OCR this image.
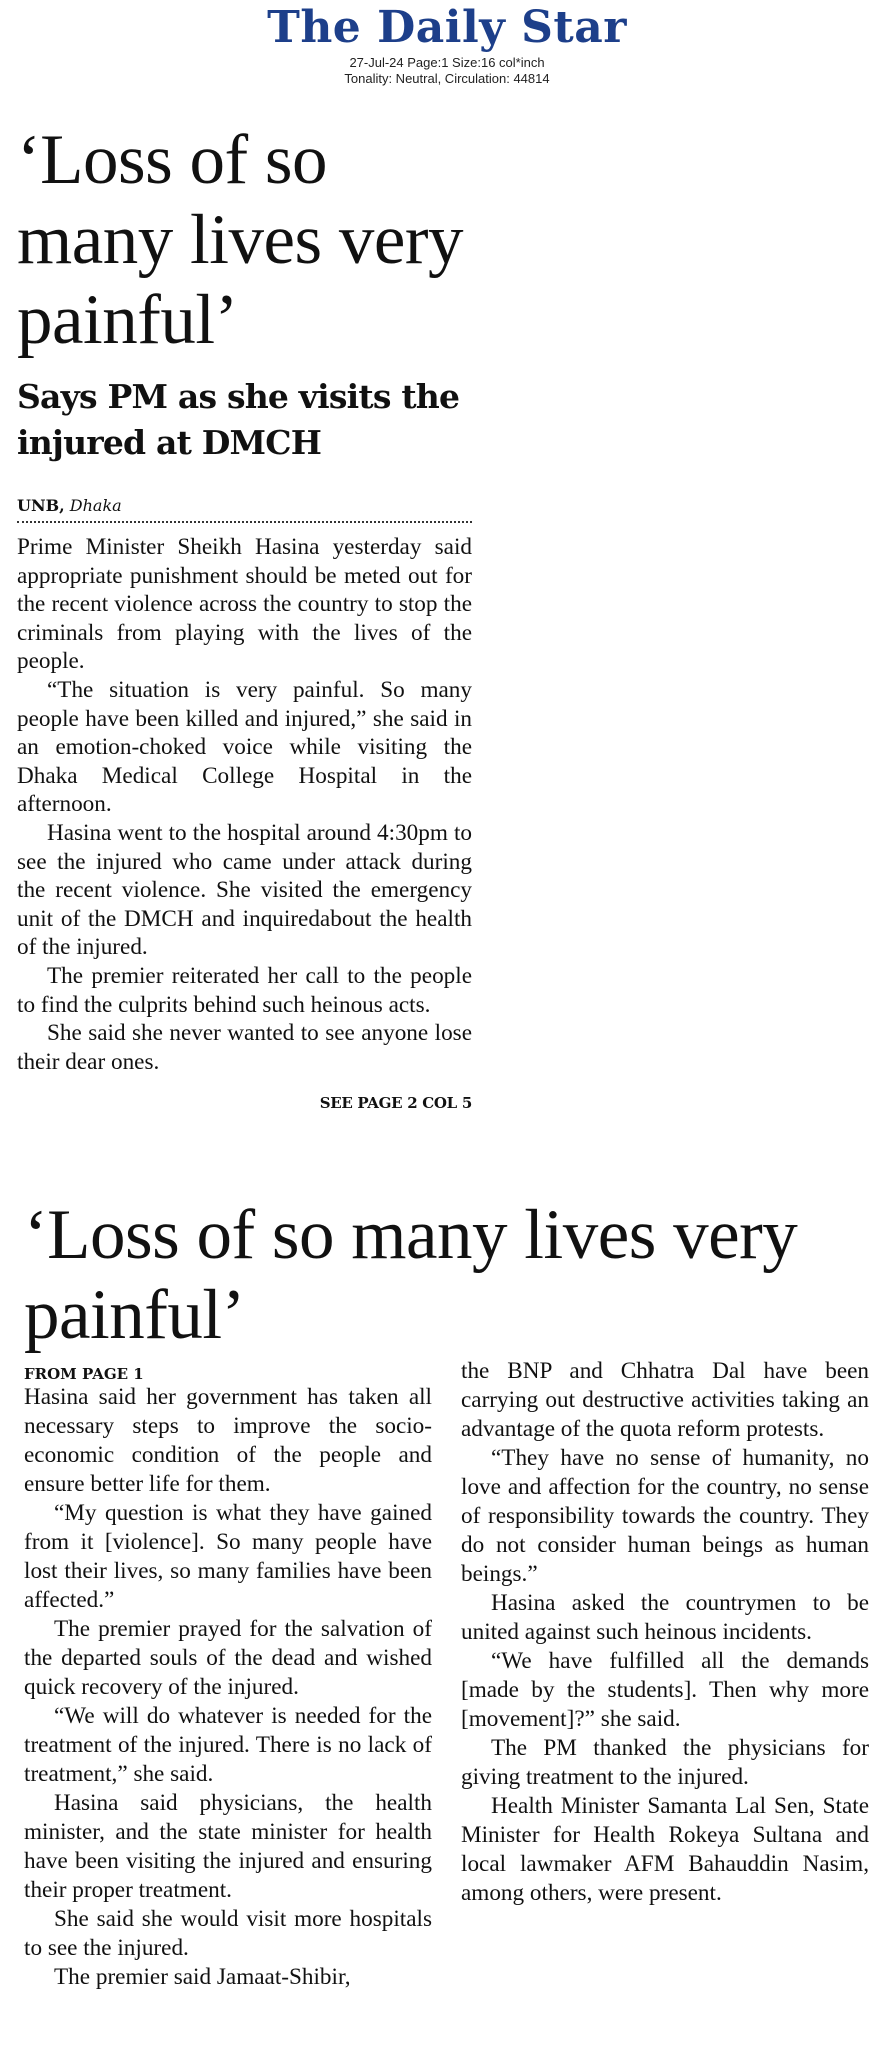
The Daily Star
27-Jul-24 Page:1 Size:16 col*inch
Tonality: Neutral, Circulation: 44814
‘Loss of so many lives very painful’
Says PM as she visits the injured at DMCH
UNB, Dhaka

Prime Minister Sheikh Hasina yesterday said appropriate punishment should be meted out for the recent violence across the country to stop the criminals from playing with the lives of the people.

“The situation is very painful. So many people have been killed and injured,” she said in an emotion-choked voice while visiting the Dhaka Medical College Hospital in the afternoon.

Hasina went to the hospital around 4:30pm to see the injured who came under attack during the recent violence. She visited the emergency unit of the DMCH and inquiredabout the health of the injured.

The premier reiterated her call to the people to find the culprits behind such heinous acts.

She said she never wanted to see anyone lose their dear ones.

SEE PAGE 2 COL 5
‘Loss of so many lives very painful’
FROM PAGE 1

Hasina said her government has taken all necessary steps to improve the socio-economic condition of the people and ensure better life for them.

“My question is what they have gained from it [violence]. So many people have lost their lives, so many families have been affected.”

The premier prayed for the salvation of the departed souls of the dead and wished quick recovery of the injured.

“We will do whatever is needed for the treatment of the injured. There is no lack of treatment,” she said.

Hasina said physicians, the health minister, and the state minister for health have been visiting the injured and ensuring their proper treatment.

She said she would visit more hospitals to see the injured.

The premier said Jamaat-Shibir,

the BNP and Chhatra Dal have been carrying out destructive activities taking an advantage of the quota reform protests.

“They have no sense of humanity, no love and affection for the country, no sense of responsibility towards the country. They do not consider human beings as human beings.”

Hasina asked the countrymen to be united against such heinous incidents.

“We have fulfilled all the demands [made by the students]. Then why more [movement]?” she said.

The PM thanked the physicians for giving treatment to the injured.

Health Minister Samanta Lal Sen, State Minister for Health Rokeya Sultana and local lawmaker AFM Bahauddin Nasim, among others, were present.
